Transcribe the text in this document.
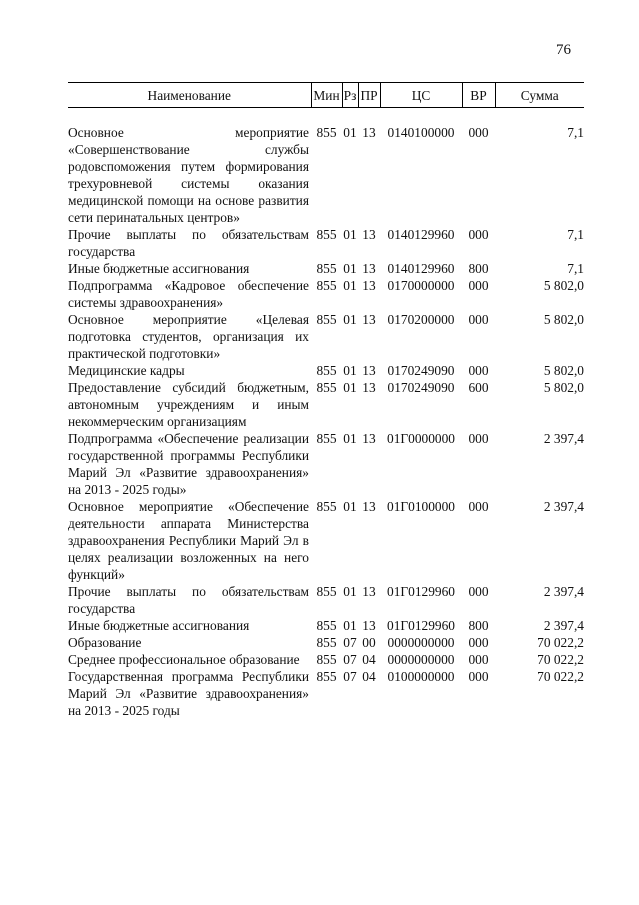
76
Наименование	Мин	Рз	ПР	ЦС	ВР	Сумма

Основное мероприятие «Совершенствование службы родовспоможения путем формирования трехуровневой системы оказания медицинской помощи на основе развития сети перинатальных центров»	855	01	13	0140100000	000	7,1
Прочие выплаты по обязательствам государства	855	01	13	0140129960	000	7,1
Иные бюджетные ассигнования	855	01	13	0140129960	800	7,1
Подпрограмма «Кадровое обеспечение системы здравоохранения»	855	01	13	0170000000	000	5 802,0
Основное мероприятие «Целевая подготовка студентов, организация их практической подготовки»	855	01	13	0170200000	000	5 802,0
Медицинские кадры	855	01	13	0170249090	000	5 802,0
Предоставление субсидий бюджетным, автономным учреждениям и иным некоммерческим организациям	855	01	13	0170249090	600	5 802,0
Подпрограмма «Обеспечение реализации государственной программы Республики Марий Эл «Развитие здравоохранения» на 2013 - 2025 годы»	855	01	13	01Г0000000	000	2 397,4
Основное мероприятие «Обеспечение деятельности аппарата Министерства здравоохранения Республики Марий Эл в целях реализации возложенных на него функций»	855	01	13	01Г0100000	000	2 397,4
Прочие выплаты по обязательствам государства	855	01	13	01Г0129960	000	2 397,4
Иные бюджетные ассигнования	855	01	13	01Г0129960	800	2 397,4
Образование	855	07	00	0000000000	000	70 022,2
Среднее профессиональное образование	855	07	04	0000000000	000	70 022,2
Государственная программа Республики Марий Эл «Развитие здравоохранения» на 2013 - 2025 годы	855	07	04	0100000000	000	70 022,2
